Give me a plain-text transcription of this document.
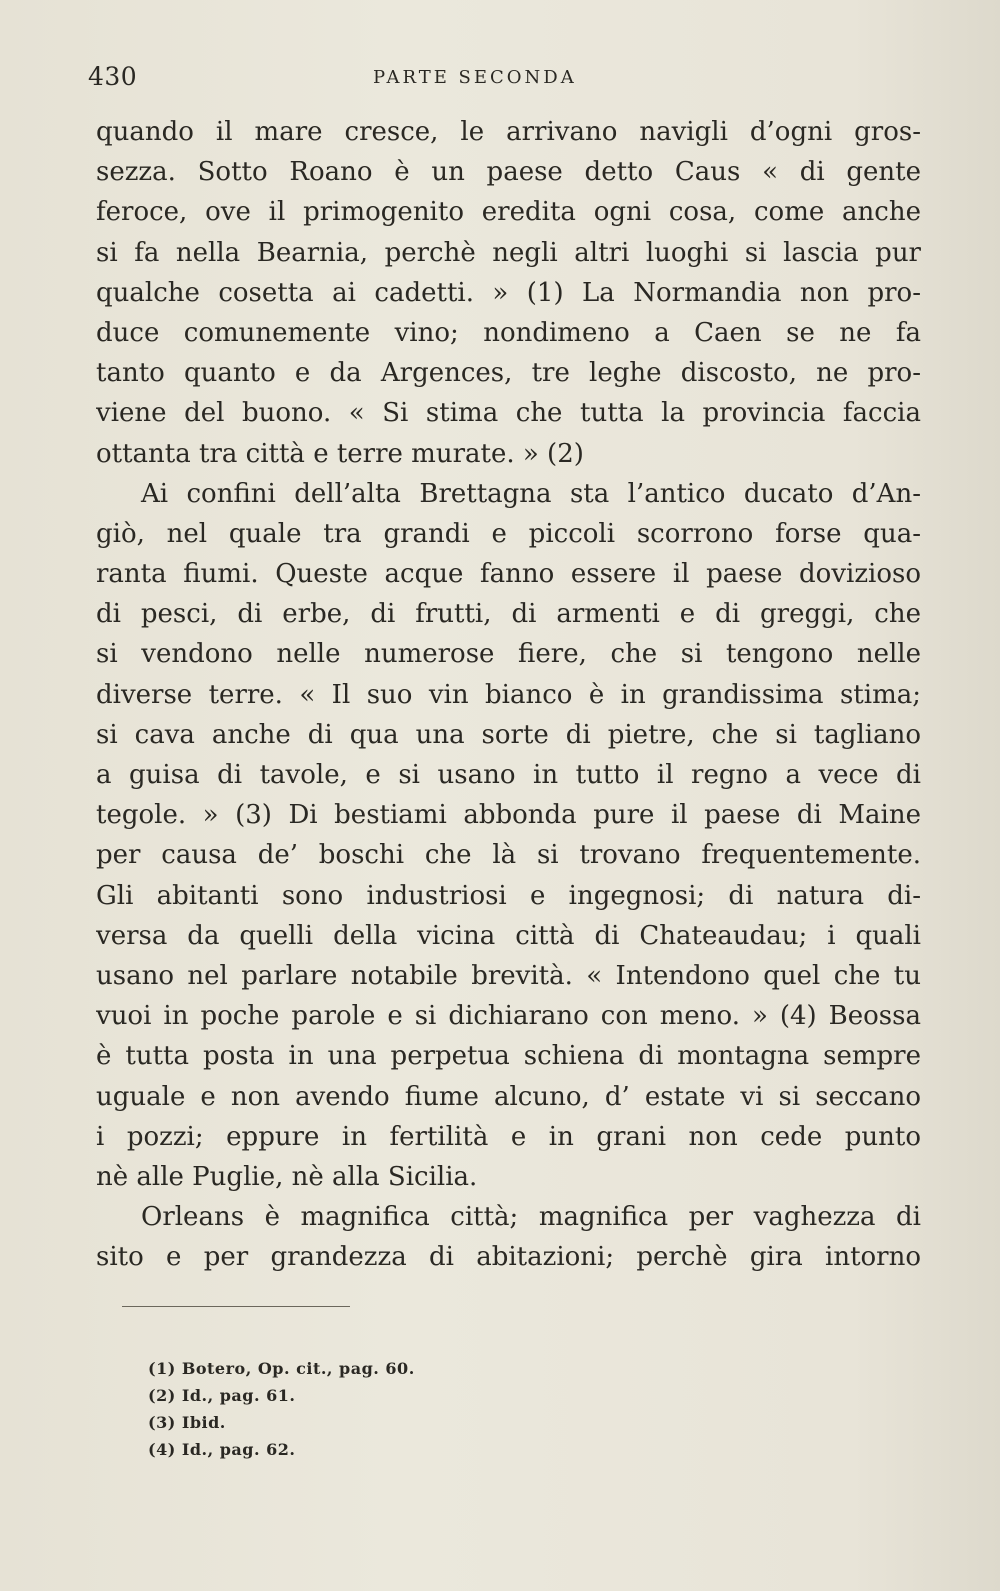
430	PARTE SECONDA
quando il mare cresce, le arrivano navigli d’ogni gros-
sezza. Sotto Roano è un paese detto Caus « di gente
feroce, ove il primogenito eredita ogni cosa, come anche
si fa nella Bearnia, perchè negli altri luoghi si lascia pur
qualche cosetta ai cadetti. » (1) La Normandia non pro-
duce comunemente vino; nondimeno a Caen se ne fa
tanto quanto e da Argences, tre leghe discosto, ne pro-
viene del buono. « Si stima che tutta la provincia faccia
ottanta tra città e terre murate. » (2)
Ai confini dell’alta Brettagna sta l’antico ducato d’An-
giò, nel quale tra grandi e piccoli scorrono forse qua-
ranta fiumi. Queste acque fanno essere il paese dovizioso
di pesci, di erbe, di frutti, di armenti e di greggi, che
si vendono nelle numerose fiere, che si tengono nelle
diverse terre. « Il suo vin bianco è in grandissima stima;
si cava anche di qua una sorte di pietre, che si tagliano
a guisa di tavole, e si usano in tutto il regno a vece di
tegole. » (3) Di bestiami abbonda pure il paese di Maine
per causa de’ boschi che là si trovano frequentemente.
Gli abitanti sono industriosi e ingegnosi; di natura di-
versa da quelli della vicina città di Chateaudau; i quali
usano nel parlare notabile brevità. « Intendono quel che tu
vuoi in poche parole e si dichiarano con meno. » (4) Beossa
è tutta posta in una perpetua schiena di montagna sempre
uguale e non avendo fiume alcuno, d’ estate vi si seccano
i pozzi; eppure in fertilità e in grani non cede punto
nè alle Puglie, nè alla Sicilia.
Orleans è magnifica città; magnifica per vaghezza di
sito e per grandezza di abitazioni; perchè gira intorno
(1) Botero, Op. cit., pag. 60.
(2) Id., pag. 61.
(3) Ibid.
(4) Id., pag. 62.
